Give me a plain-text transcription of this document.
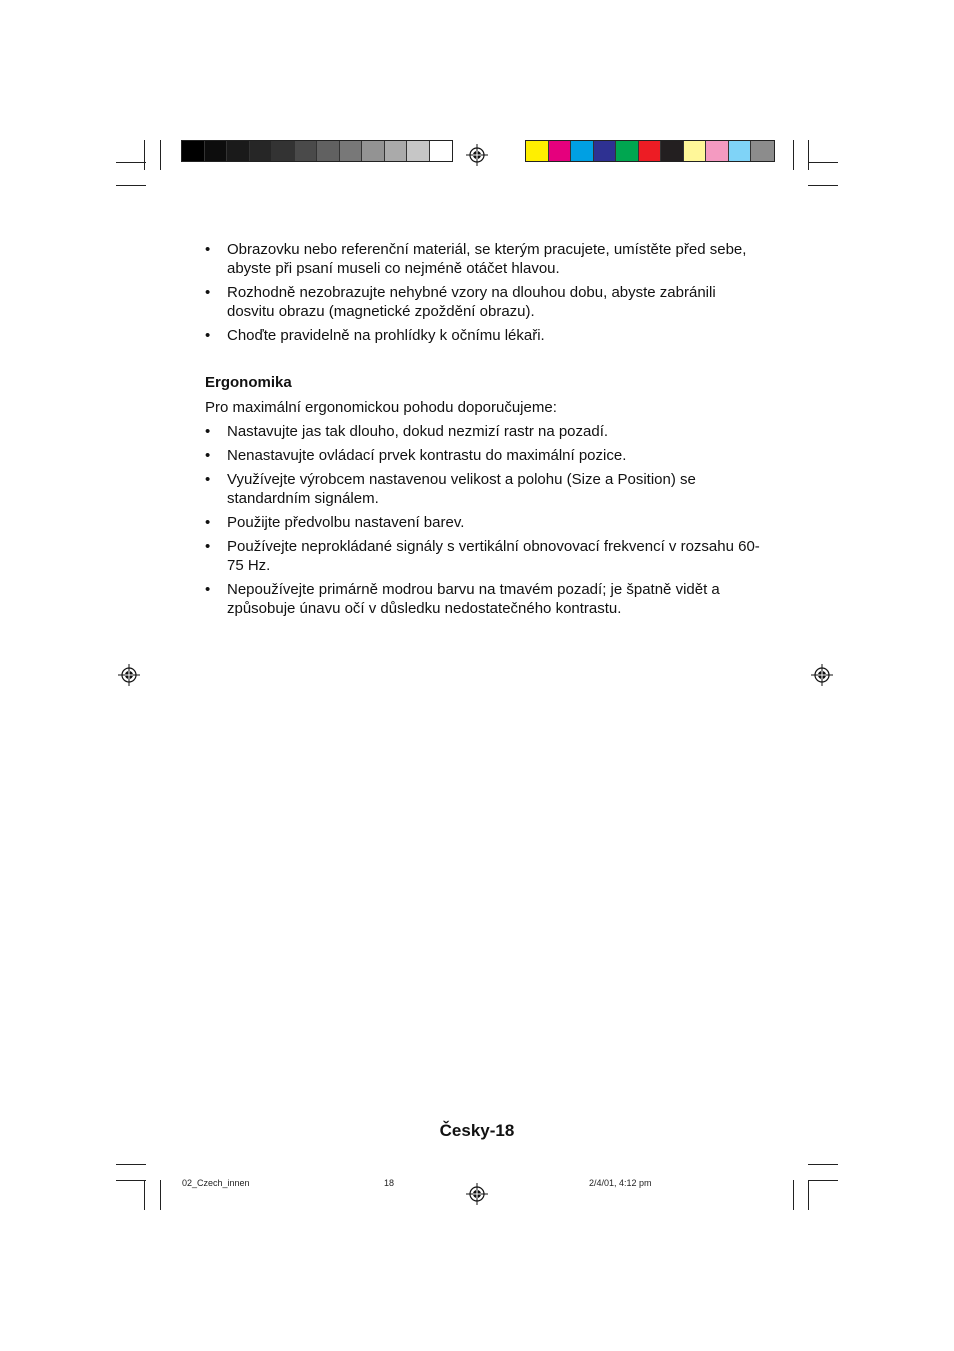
• Obrazovku nebo referenční materiál, se kterým pracujete, umístěte před sebe, abyste při psaní museli co nejméně otáčet hlavou.
• Rozhodně nezobrazujte nehybné vzory na dlouhou dobu, abyste zabránili dosvitu obrazu (magnetické zpoždění obrazu).
• Choďte pravidelně na prohlídky k očnímu lékaři.
Ergonomika
Pro maximální ergonomickou pohodu doporučujeme:
• Nastavujte jas tak dlouho, dokud nezmizí rastr na pozadí.
• Nenastavujte ovládací prvek kontrastu do maximální pozice.
• Využívejte výrobcem nastavenou velikost a polohu (Size a Position) se standardním signálem.
• Použijte předvolbu nastavení barev.
• Používejte neprokládané signály s vertikální obnovovací frekvencí v rozsahu 60-75 Hz.
• Nepoužívejte primárně modrou barvu na tmavém pozadí; je špatně vidět a způsobuje únavu očí v důsledku nedostatečného kontrastu.
Česky-18
02_Czech_innen	18	2/4/01, 4:12 pm
